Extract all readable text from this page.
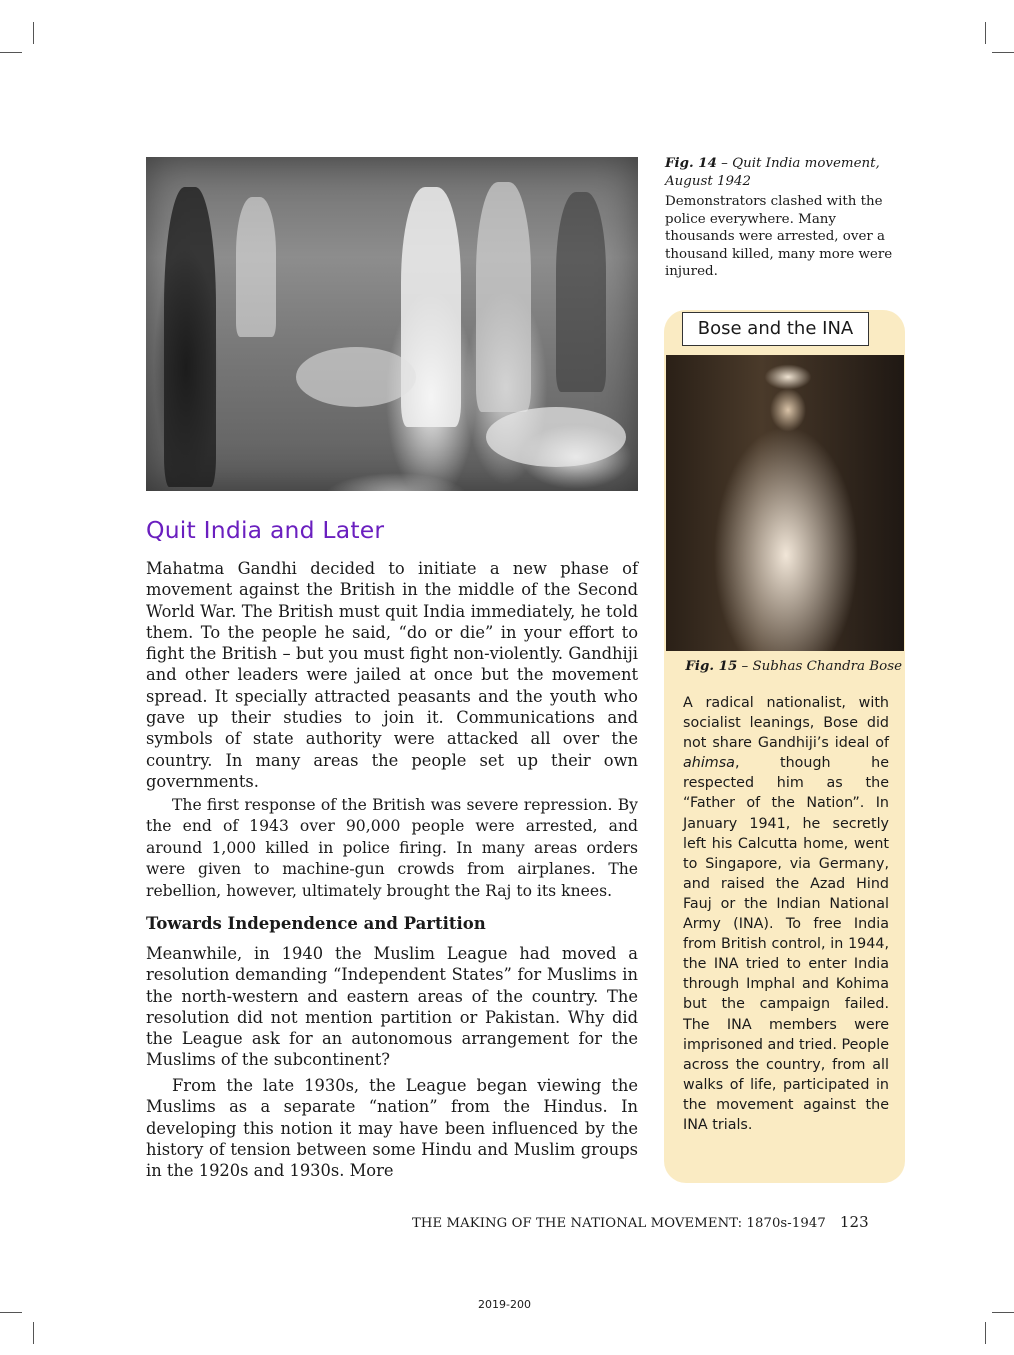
Fig. 14 – Quit India movement, August 1942
Demonstrators clashed with the police everywhere. Many thousands were arrested, over a thousand killed, many more were injured.
Quit India and Later

Mahatma Gandhi decided to initiate a new phase of movement against the British in the middle of the Second World War. The British must quit India immediately, he told them. To the people he said, “do or die” in your effort to fight the British – but you must fight non-violently. Gandhiji and other leaders were jailed at once but the movement spread. It specially attracted peasants and the youth who gave up their studies to join it. Communications and symbols of state authority were attacked all over the country. In many areas the people set up their own governments.

The first response of the British was severe repression. By the end of 1943 over 90,000 people were arrested, and around 1,000 killed in police firing. In many areas orders were given to machine-gun crowds from airplanes. The rebellion, however, ultimately brought the Raj to its knees.

Towards Independence and Partition

Meanwhile, in 1940 the Muslim League had moved a resolution demanding “Independent States” for Muslims in the north-western and eastern areas of the country. The resolution did not mention partition or Pakistan. Why did the League ask for an autonomous arrangement for the Muslims of the subcontinent?

From the late 1930s, the League began viewing the Muslims as a separate “nation” from the Hindus. In developing this notion it may have been influenced by the history of tension between some Hindu and Muslim groups in the 1920s and 1930s. More

Bose and the INA
Fig. 15 – Subhas Chandra Bose
A radical nationalist, with socialist leanings, Bose did not share Gandhiji’s ideal of ahimsa, though he respected him as the “Father of the Nation”. In January 1941, he secretly left his Calcutta home, went to Singapore, via Germany, and raised the Azad Hind Fauj or the Indian National Army (INA). To free India from British control, in 1944, the INA tried to enter India through Imphal and Kohima but the campaign failed. The INA members were imprisoned and tried. People across the country, from all walks of life, participated in the movement against the INA trials.
THE MAKING OF THE NATIONAL MOVEMENT: 1870s-1947 123
2019-200
